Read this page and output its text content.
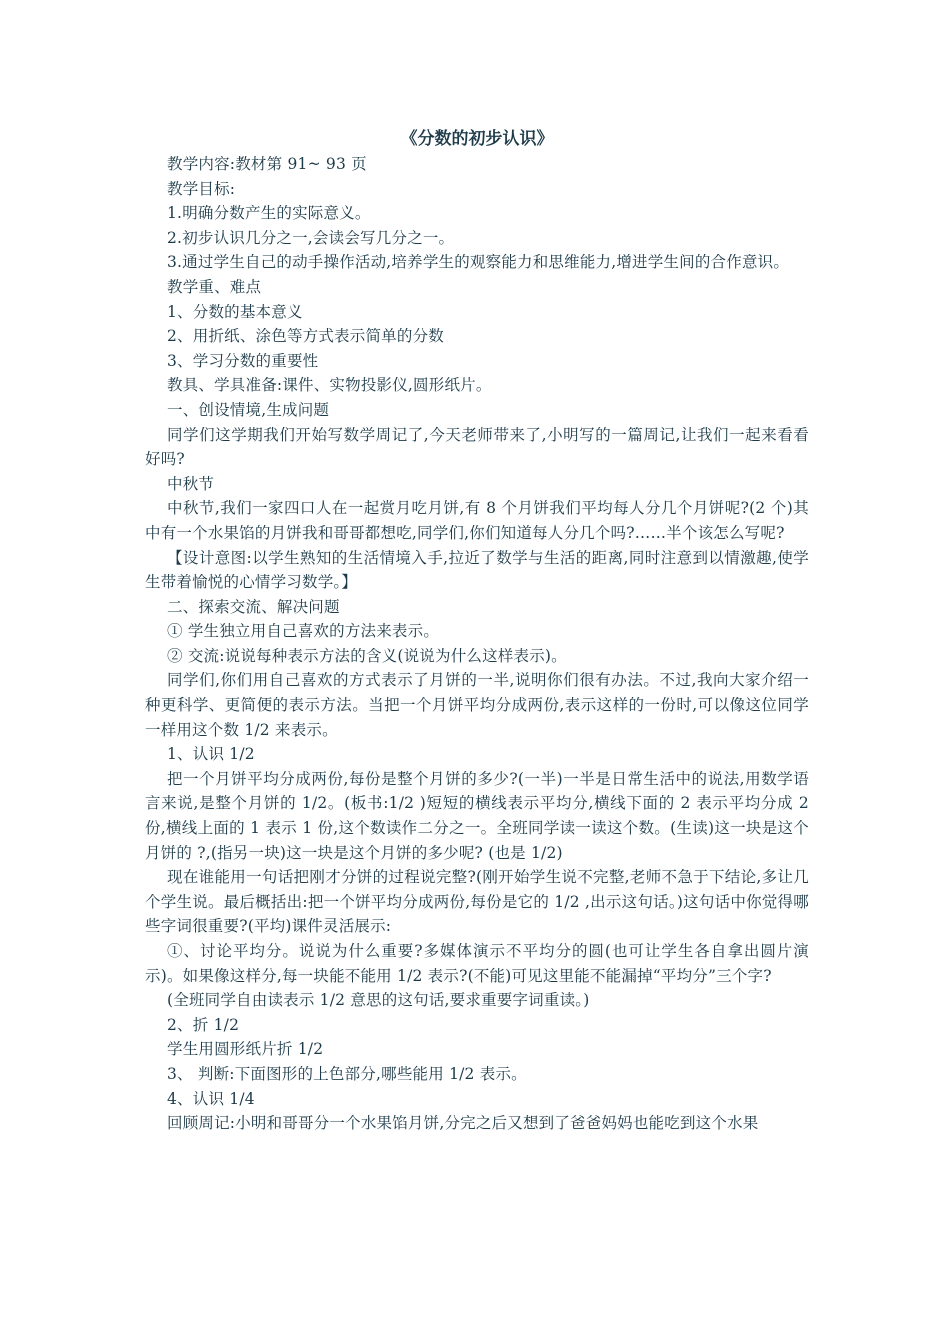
《分数的初步认识》

教学内容:教材第 91~ 93 页

教学目标:

1.明确分数产生的实际意义。

2.初步认识几分之一,会读会写几分之一。

3.通过学生自己的动手操作活动,培养学生的观察能力和思维能力,增进学生间的合作意识。

教学重、难点

1、分数的基本意义

2、用折纸、涂色等方式表示简单的分数

3、学习分数的重要性

教具、学具准备:课件、实物投影仪,圆形纸片。

一、创设情境,生成问题

同学们这学期我们开始写数学周记了,今天老师带来了,小明写的一篇周记,让我们一起来看看好吗?

中秋节

中秋节,我们一家四口人在一起赏月吃月饼,有 8 个月饼我们平均每人分几个月饼呢?(2 个)其中有一个水果馅的月饼我和哥哥都想吃,同学们,你们知道每人分几个吗?……半个该怎么写呢?

【设计意图:以学生熟知的生活情境入手,拉近了数学与生活的距离,同时注意到以情激趣,使学生带着愉悦的心情学习数学。】

二、探索交流、解决问题

① 学生独立用自己喜欢的方法来表示。

② 交流:说说每种表示方法的含义(说说为什么这样表示)。

同学们,你们用自己喜欢的方式表示了月饼的一半,说明你们很有办法。不过,我向大家介绍一种更科学、更简便的表示方法。当把一个月饼平均分成两份,表示这样的一份时,可以像这位同学一样用这个数 1/2 来表示。

1、认识 1/2

把一个月饼平均分成两份,每份是整个月饼的多少?(一半)一半是日常生活中的说法,用数学语言来说,是整个月饼的 1/2。(板书:1/2 )短短的横线表示平均分,横线下面的 2 表示平均分成 2 份,横线上面的 1 表示 1 份,这个数读作二分之一。全班同学读一读这个数。(生读)这一块是这个月饼的 ?,(指另一块)这一块是这个月饼的多少呢? (也是 1/2)

现在谁能用一句话把刚才分饼的过程说完整?(刚开始学生说不完整,老师不急于下结论,多让几个学生说。最后概括出:把一个饼平均分成两份,每份是它的 1/2 ,出示这句话。)这句话中你觉得哪些字词很重要?(平均)课件灵活展示:

①、讨论平均分。说说为什么重要?多媒体演示不平均分的圆(也可让学生各自拿出圆片演示)。如果像这样分,每一块能不能用 1/2 表示?(不能)可见这里能不能漏掉“平均分”三个字?

(全班同学自由读表示 1/2 意思的这句话,要求重要字词重读。)

2、折 1/2

学生用圆形纸片折 1/2

3、 判断:下面图形的上色部分,哪些能用 1/2 表示。

4、认识 1/4

回顾周记:小明和哥哥分一个水果馅月饼,分完之后又想到了爸爸妈妈也能吃到这个水果
